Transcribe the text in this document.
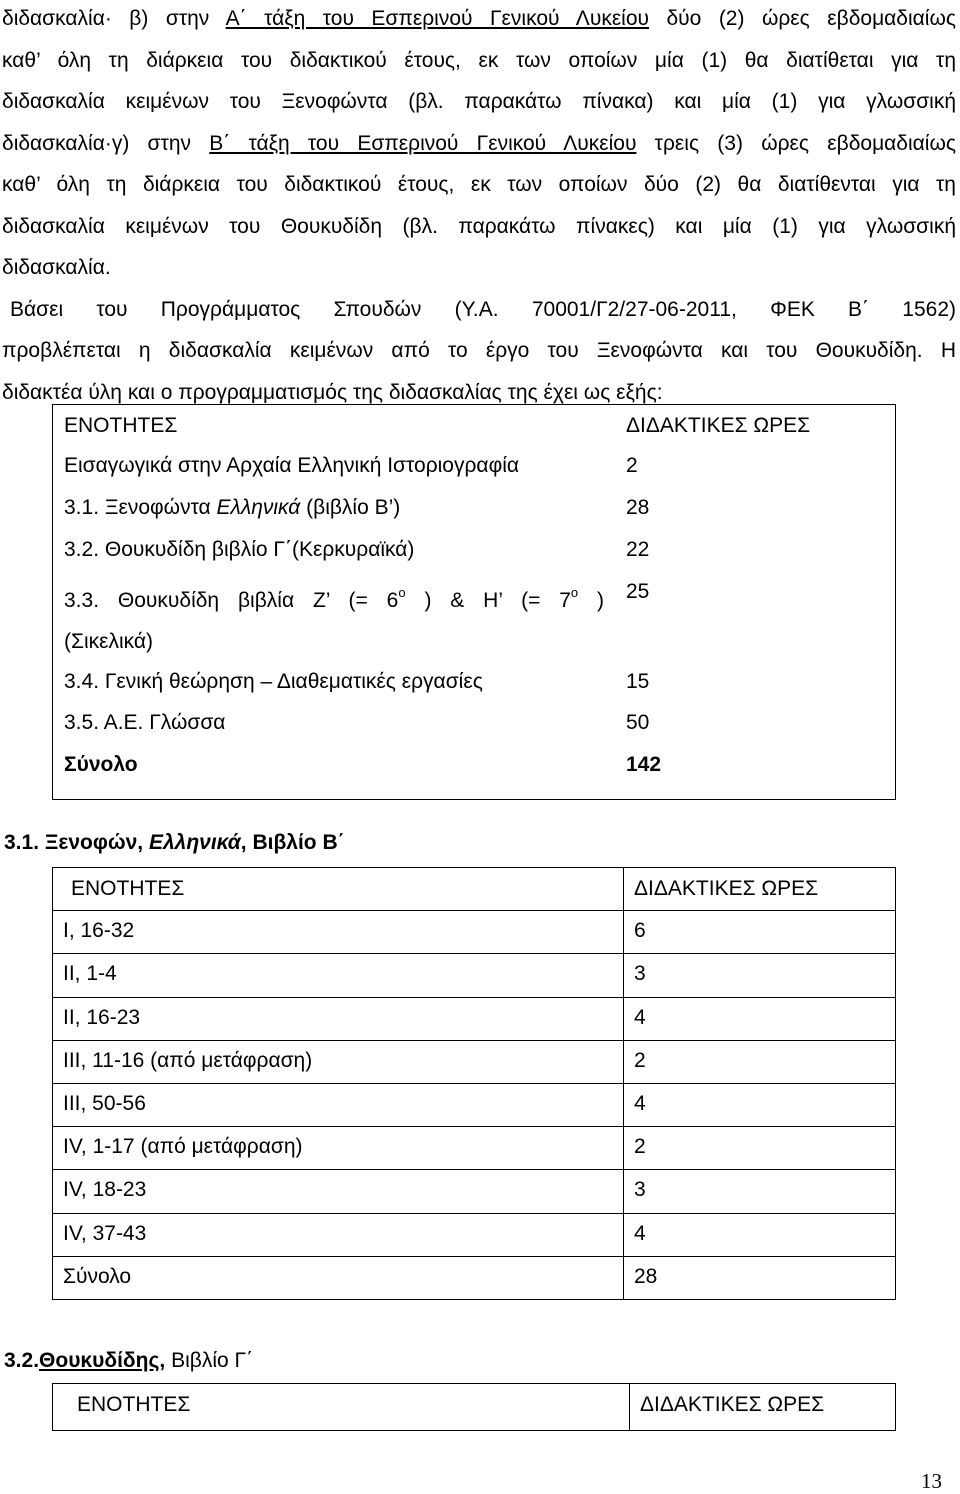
διδασκαλία· β) στην Α΄ τάξη του Εσπερινού Γενικού Λυκείου δύο (2) ώρες εβδομαδιαίως
καθ’ όλη τη διάρκεια του διδακτικού έτους, εκ των οποίων μία (1) θα διατίθεται για τη
διδασκαλία κειμένων του Ξενοφώντα (βλ. παρακάτω πίνακα) και μία (1) για γλωσσική
διδασκαλία·γ) στην Β΄ τάξη του Εσπερινού Γενικού Λυκείου τρεις (3) ώρες εβδομαδιαίως
καθ’ όλη τη διάρκεια του διδακτικού έτους, εκ των οποίων δύο (2) θα διατίθενται για τη
διδασκαλία κειμένων του Θουκυδίδη (βλ. παρακάτω πίνακες) και μία (1) για γλωσσική
διδασκαλία.
Βάσει του Προγράμματος Σπουδών (Υ.Α. 70001/Γ2/27-06-2011, ΦΕΚ Β΄ 1562)
προβλέπεται η διδασκαλία κειμένων από το έργο του Ξενοφώντα και του Θουκυδίδη. Η
διδακτέα ύλη και ο προγραμματισμός της διδασκαλίας της έχει ως εξής:
ΕΝΟΤΗΤΕΣ	ΔΙΔΑΚΤΙΚΕΣ ΩΡΕΣ
Εισαγωγικά στην Αρχαία Ελληνική Ιστοριογραφία	2
3.1. Ξενοφώντα Ελληνικά (βιβλίο Β’)	28
3.2. Θουκυδίδη βιβλίο Γ΄(Κερκυραϊκά)	22

3.3. Θουκυδίδη βιβλία Ζ’ (= $6^o$ ) & Η’ (= $7^o$ )
(Σικελικά)	25
3.4. Γενική θεώρηση – Διαθεματικές εργασίες	15
3.5. Α.Ε. Γλώσσα	50
Σύνολο	142
3.1. Ξενοφών, Ελληνικά, Βιβλίο Β΄
ΕΝΟΤΗΤΕΣ	ΔΙΔΑΚΤΙΚΕΣ ΩΡΕΣ
I, 16-32	6
II, 1-4	3
II, 16-23	4
III, 11-16 (από μετάφραση)	2
III, 50-56	4
IV, 1-17 (από μετάφραση)	2
IV, 18-23	3
IV, 37-43	4
Σύνολο	28
3.2.Θουκυδίδης, Βιβλίο Γ΄
ΕΝΟΤΗΤΕΣ	ΔΙΔΑΚΤΙΚΕΣ ΩΡΕΣ
13
